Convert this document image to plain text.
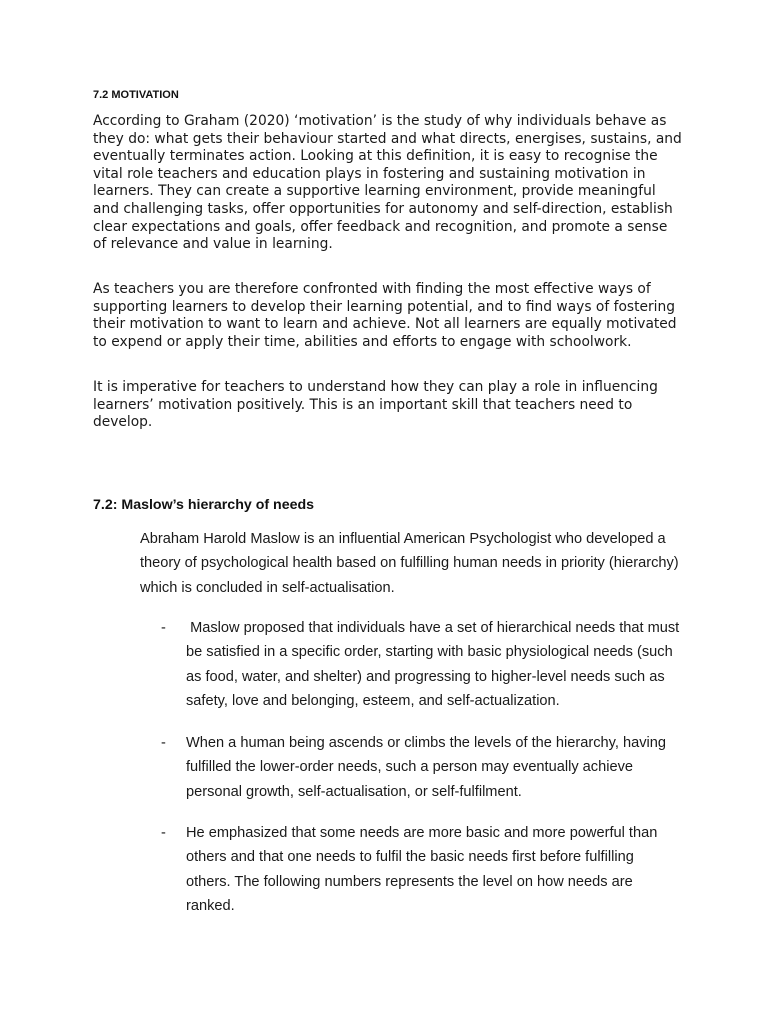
7.2 MOTIVATION

According to Graham (2020) ‘motivation’ is the study of why individuals behave as they do: what gets their behaviour started and what directs, energises, sustains, and eventually terminates action. Looking at this definition, it is easy to recognise the vital role teachers and education plays in fostering and sustaining motivation in learners. They can create a supportive learning environment, provide meaningful and challenging tasks, offer opportunities for autonomy and self-direction, establish clear expectations and goals, offer feedback and recognition, and promote a sense of relevance and value in learning.

As teachers you are therefore confronted with finding the most effective ways of supporting learners to develop their learning potential, and to find ways of fostering their motivation to want to learn and achieve. Not all learners are equally motivated to expend or apply their time, abilities and efforts to engage with schoolwork.

It is imperative for teachers to understand how they can play a role in influencing learners’ motivation positively. This is an important skill that teachers need to develop.

7.2: Maslow’s hierarchy of needs

Abraham Harold Maslow is an influential American Psychologist who developed a theory of psychological health based on fulfilling human needs in priority (hierarchy) which is concluded in self-actualisation.

- Maslow proposed that individuals have a set of hierarchical needs that must be satisfied in a specific order, starting with basic physiological needs (such as food, water, and shelter) and progressing to higher-level needs such as safety, love and belonging, esteem, and self-actualization.

- When a human being ascends or climbs the levels of the hierarchy, having fulfilled the lower-order needs, such a person may eventually achieve personal growth, self-actualisation, or self-fulfilment.

- He emphasized that some needs are more basic and more powerful than others and that one needs to fulfil the basic needs first before fulfilling others. The following numbers represents the level on how needs are ranked.
